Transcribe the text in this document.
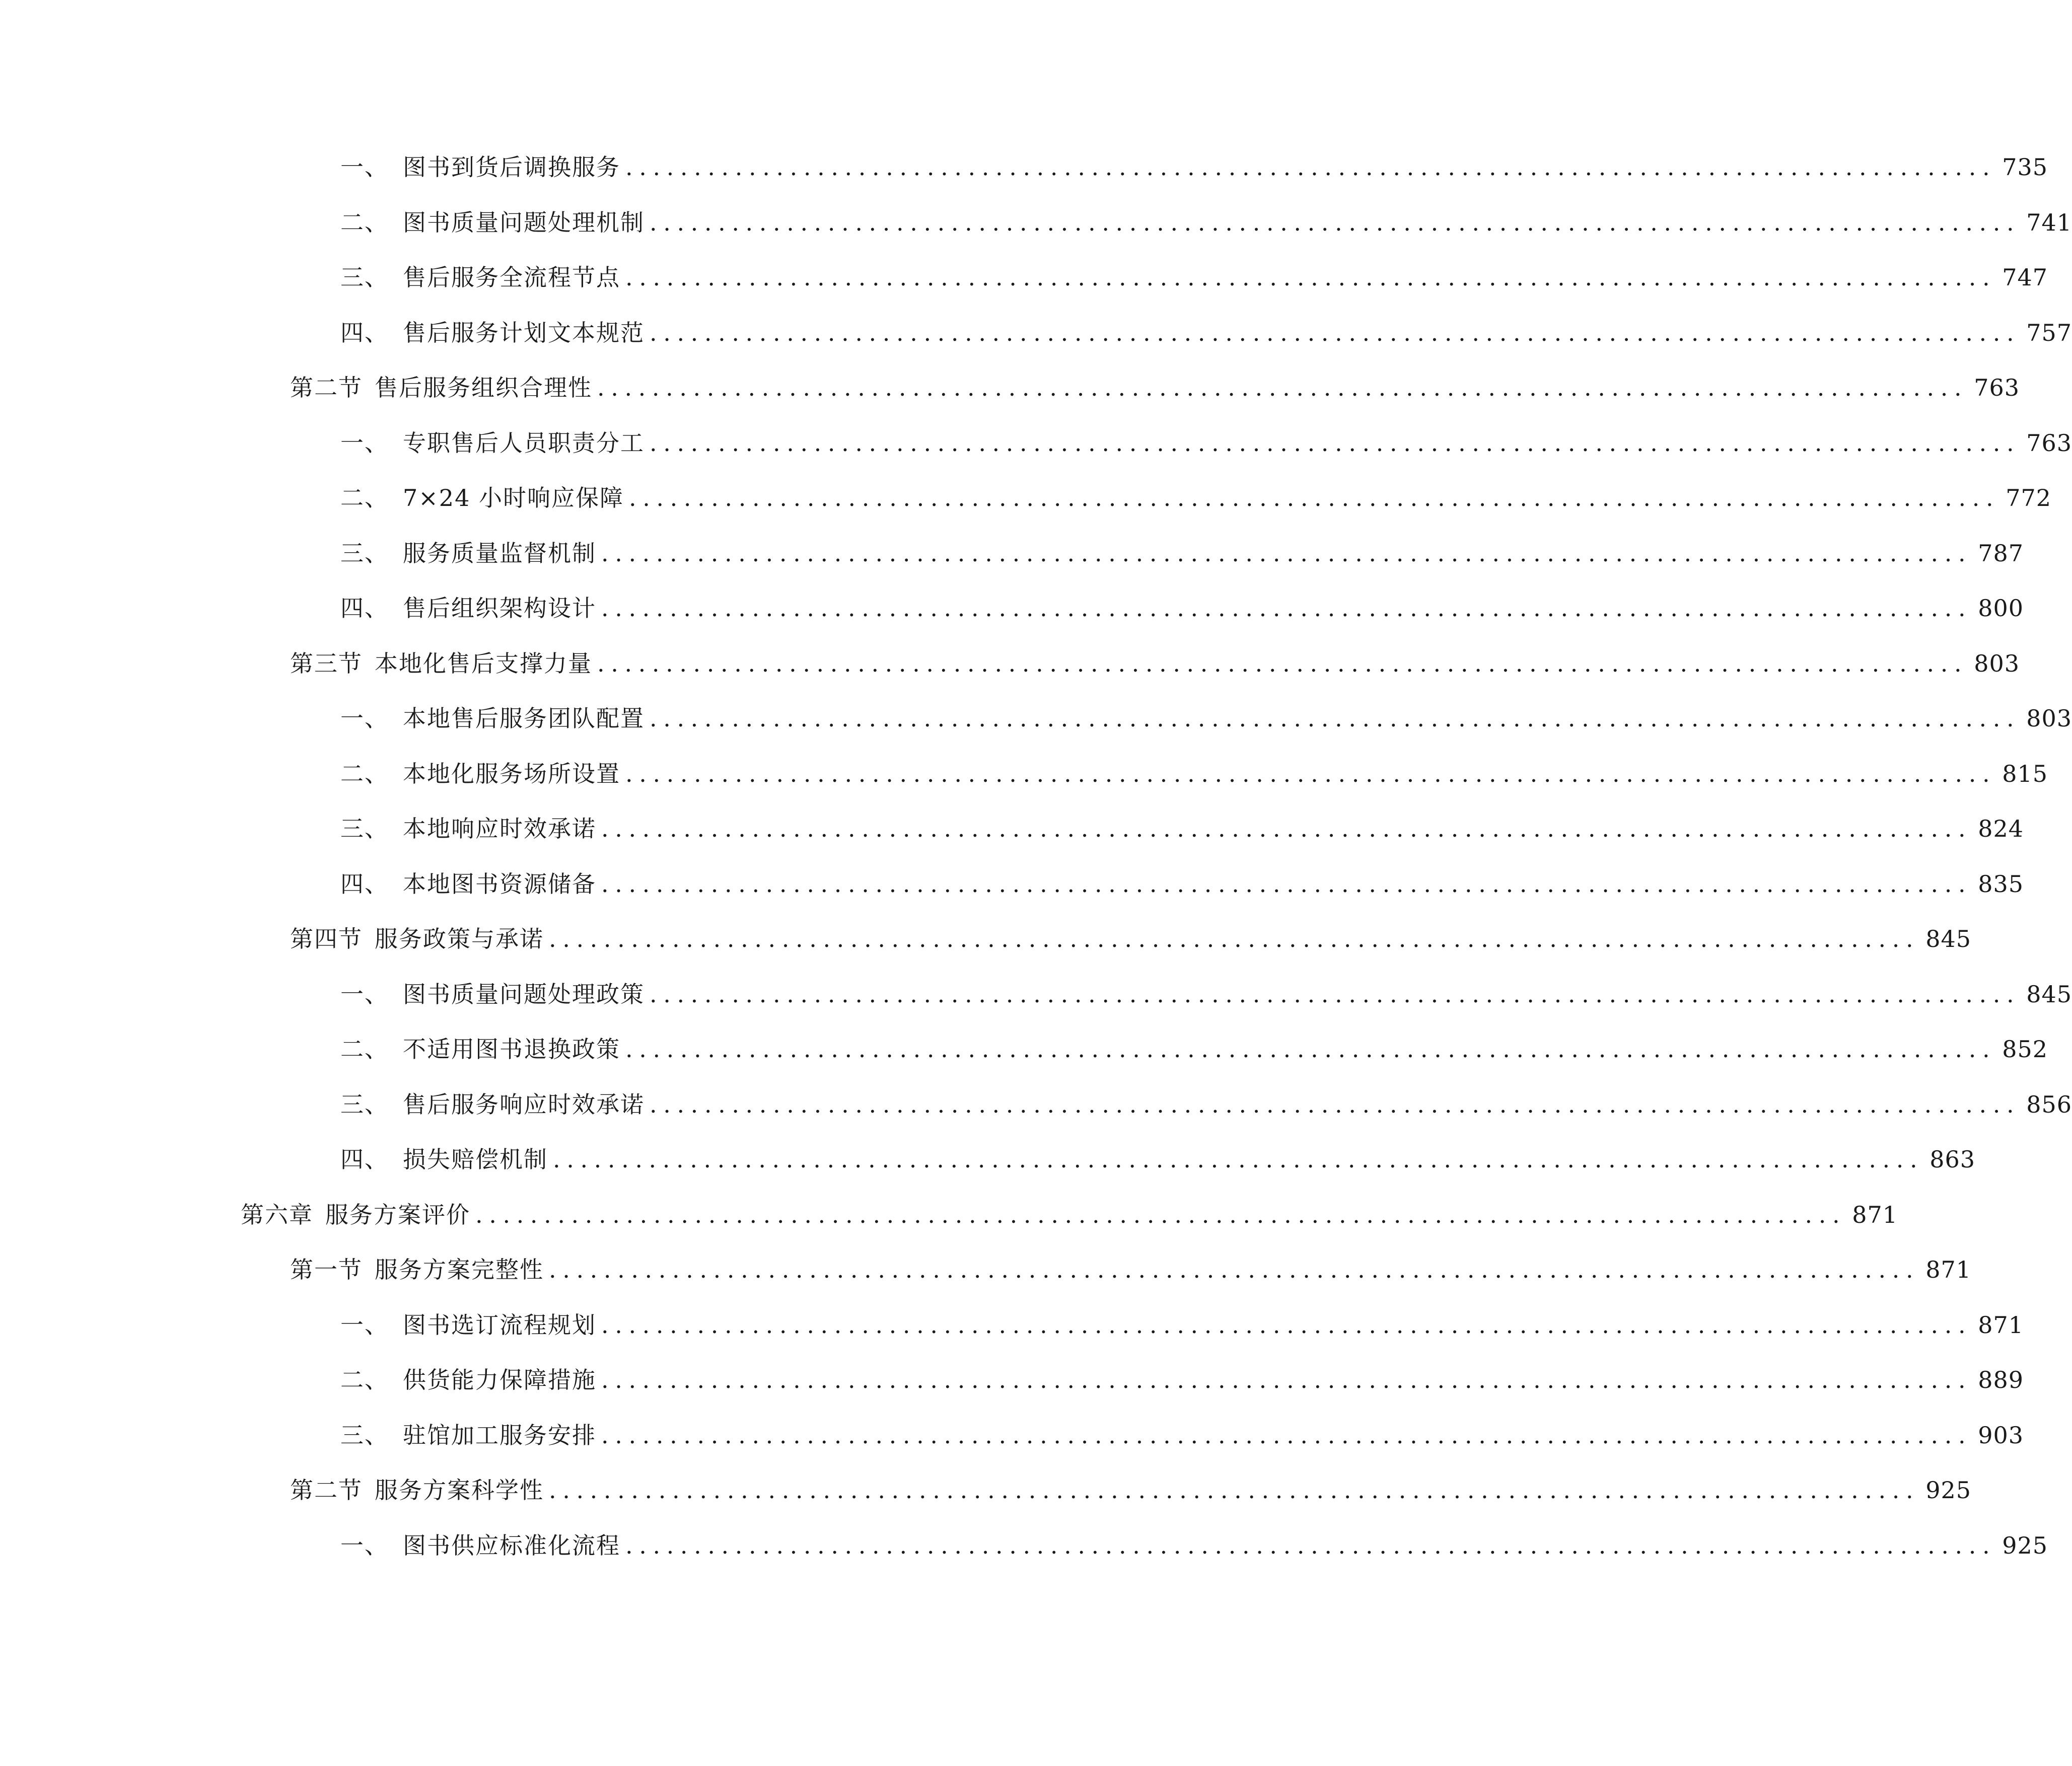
一、 图书到货后调换服务 .................................................................................................... 735
二、 图书质量问题处理机制 .................................................................................................... 741
三、 售后服务全流程节点 .................................................................................................... 747
四、 售后服务计划文本规范 .................................................................................................... 757
第二节 售后服务组织合理性 .................................................................................................... 763
一、 专职售后人员职责分工 .................................................................................................... 763
二、 7×24 小时响应保障 .................................................................................................... 772
三、 服务质量监督机制 .................................................................................................... 787
四、 售后组织架构设计 .................................................................................................... 800
第三节 本地化售后支撑力量 .................................................................................................... 803
一、 本地售后服务团队配置 .................................................................................................... 803
二、 本地化服务场所设置 .................................................................................................... 815
三、 本地响应时效承诺 .................................................................................................... 824
四、 本地图书资源储备 .................................................................................................... 835
第四节 服务政策与承诺 .................................................................................................... 845
一、 图书质量问题处理政策 .................................................................................................... 845
二、 不适用图书退换政策 .................................................................................................... 852
三、 售后服务响应时效承诺 .................................................................................................... 856
四、 损失赔偿机制 .................................................................................................... 863
第六章 服务方案评价 .................................................................................................... 871
第一节 服务方案完整性 .................................................................................................... 871
一、 图书选订流程规划 .................................................................................................... 871
二、 供货能力保障措施 .................................................................................................... 889
三、 驻馆加工服务安排 .................................................................................................... 903
第二节 服务方案科学性 .................................................................................................... 925
一、 图书供应标准化流程 .................................................................................................... 925
